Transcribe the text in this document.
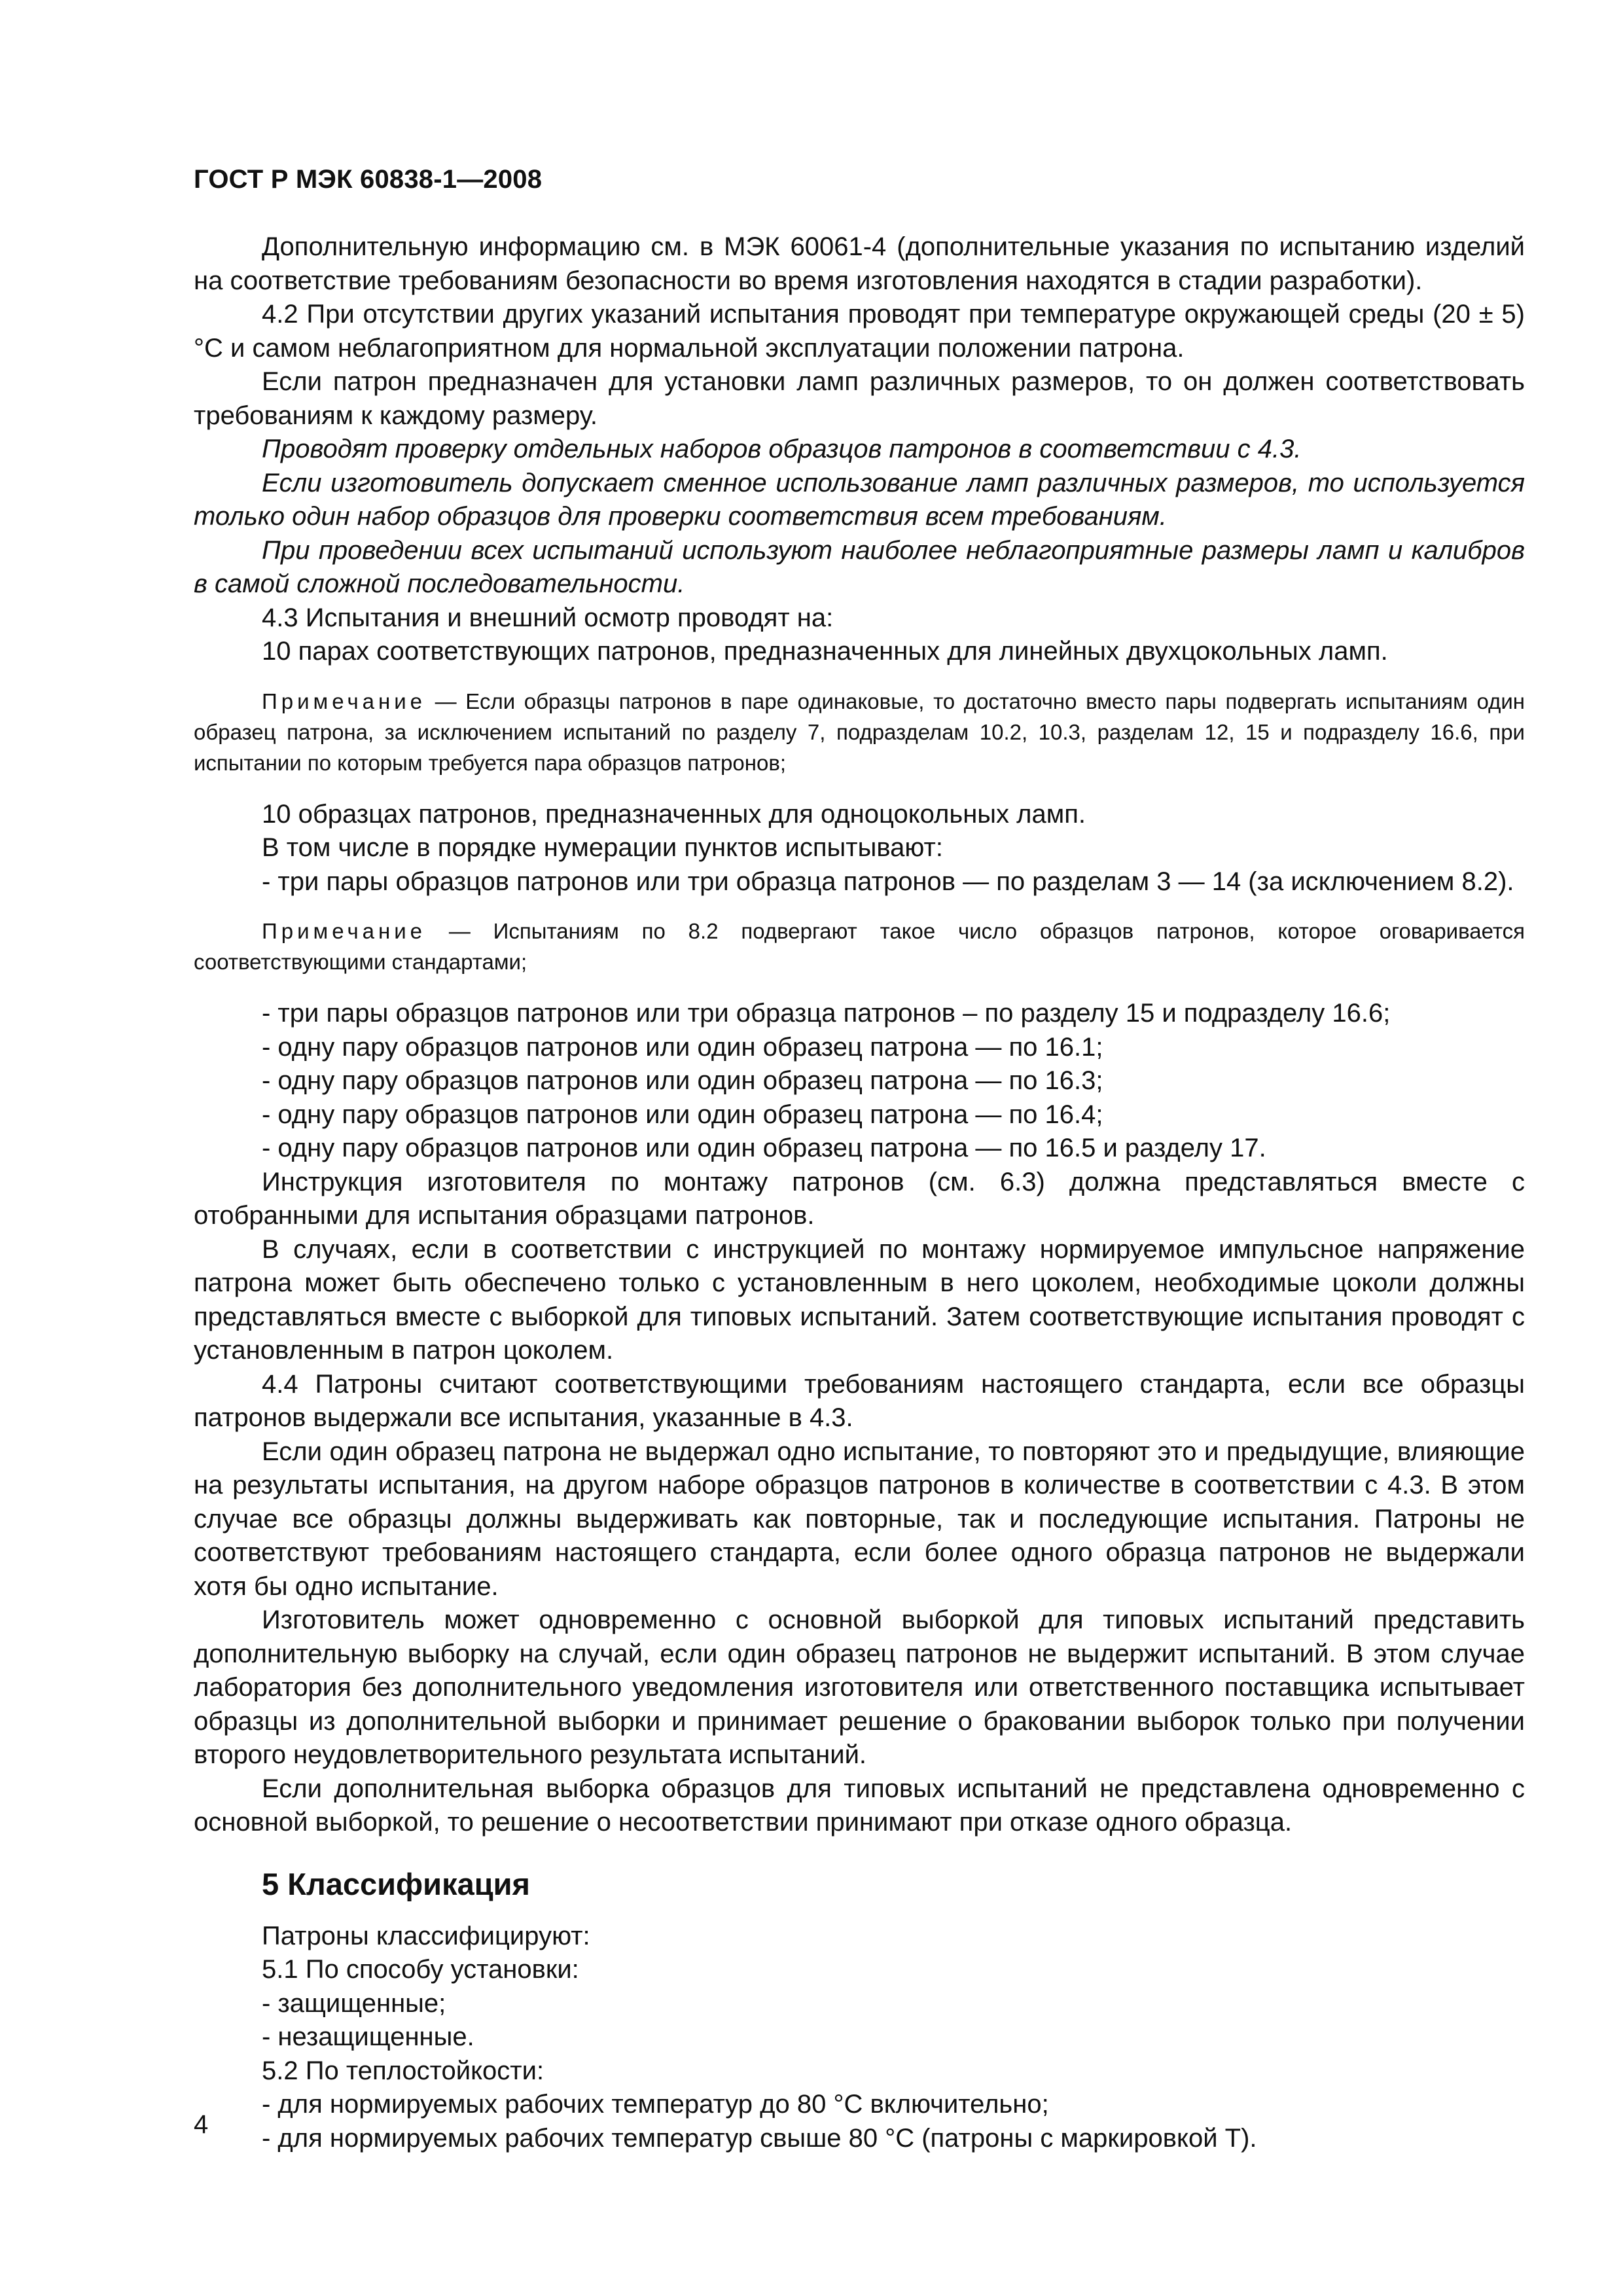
ГОСТ Р МЭК 60838-1—2008

Дополнительную информацию см. в МЭК 60061-4 (дополнительные указания по испытанию изделий на соответствие требованиям безопасности во время изготовления находятся в стадии разработки).

4.2 При отсутствии других указаний испытания проводят при температуре окружающей среды (20 ± 5) °С и самом неблагоприятном для нормальной эксплуатации положении патрона.

Если патрон предназначен для установки ламп различных размеров, то он должен соответствовать требованиям к каждому размеру.

Проводят проверку отдельных наборов образцов патронов в соответствии с 4.3.

Если изготовитель допускает сменное использование ламп различных размеров, то используется только один набор образцов для проверки соответствия всем требованиям.

При проведении всех испытаний используют наиболее неблагоприятные размеры ламп и калибров в самой сложной последовательности.

4.3 Испытания и внешний осмотр проводят на:

10 парах соответствующих патронов, предназначенных для линейных двухцокольных ламп.

Примечание — Если образцы патронов в паре одинаковые, то достаточно вместо пары подвергать испытаниям один образец патрона, за исключением испытаний по разделу 7, подразделам 10.2, 10.3, разделам 12, 15 и подразделу 16.6, при испытании по которым требуется пара образцов патронов;

10 образцах патронов, предназначенных для одноцокольных ламп.

В том числе в порядке нумерации пунктов испытывают:

- три пары образцов патронов или три образца патронов — по разделам 3 — 14 (за исключением 8.2).

Примечание — Испытаниям по 8.2 подвергают такое число образцов патронов, которое оговаривается соответствующими стандартами;

- три пары образцов патронов или три образца патронов – по разделу 15 и подразделу 16.6;

- одну пару образцов патронов или один образец патрона — по 16.1;

- одну пару образцов патронов или один образец патрона — по 16.3;

- одну пару образцов патронов или один образец патрона — по 16.4;

- одну пару образцов патронов или один образец патрона — по 16.5 и разделу 17.

Инструкция изготовителя по монтажу патронов (см. 6.3) должна представляться вместе с отобранными для испытания образцами патронов.

В случаях, если в соответствии с инструкцией по монтажу нормируемое импульсное напряжение патрона может быть обеспечено только с установленным в него цоколем, необходимые цоколи должны представляться вместе с выборкой для типовых испытаний. Затем соответствующие испытания проводят с установленным в патрон цоколем.

4.4 Патроны считают соответствующими требованиям настоящего стандарта, если все образцы патронов выдержали все испытания, указанные в 4.3.

Если один образец патрона не выдержал одно испытание, то повторяют это и предыдущие, влияющие на результаты испытания, на другом наборе образцов патронов в количестве в соответствии с 4.3. В этом случае все образцы должны выдерживать как повторные, так и последующие испытания. Патроны не соответствуют требованиям настоящего стандарта, если более одного образца патронов не выдержали хотя бы одно испытание.

Изготовитель может одновременно с основной выборкой для типовых испытаний представить дополнительную выборку на случай, если один образец патронов не выдержит испытаний. В этом случае лаборатория без дополнительного уведомления изготовителя или ответственного поставщика испытывает образцы из дополнительной выборки и принимает решение о браковании выборок только при получении второго неудовлетворительного результата испытаний.

Если дополнительная выборка образцов для типовых испытаний не представлена одновременно с основной выборкой, то решение о несоответствии принимают при отказе одного образца.

5 Классификация

Патроны классифицируют:

5.1 По способу установки:

- защищенные;

- незащищенные.

5.2 По теплостойкости:

- для нормируемых рабочих температур до 80 °С включительно;

- для нормируемых рабочих температур свыше 80 °С (патроны с маркировкой Т).

4
